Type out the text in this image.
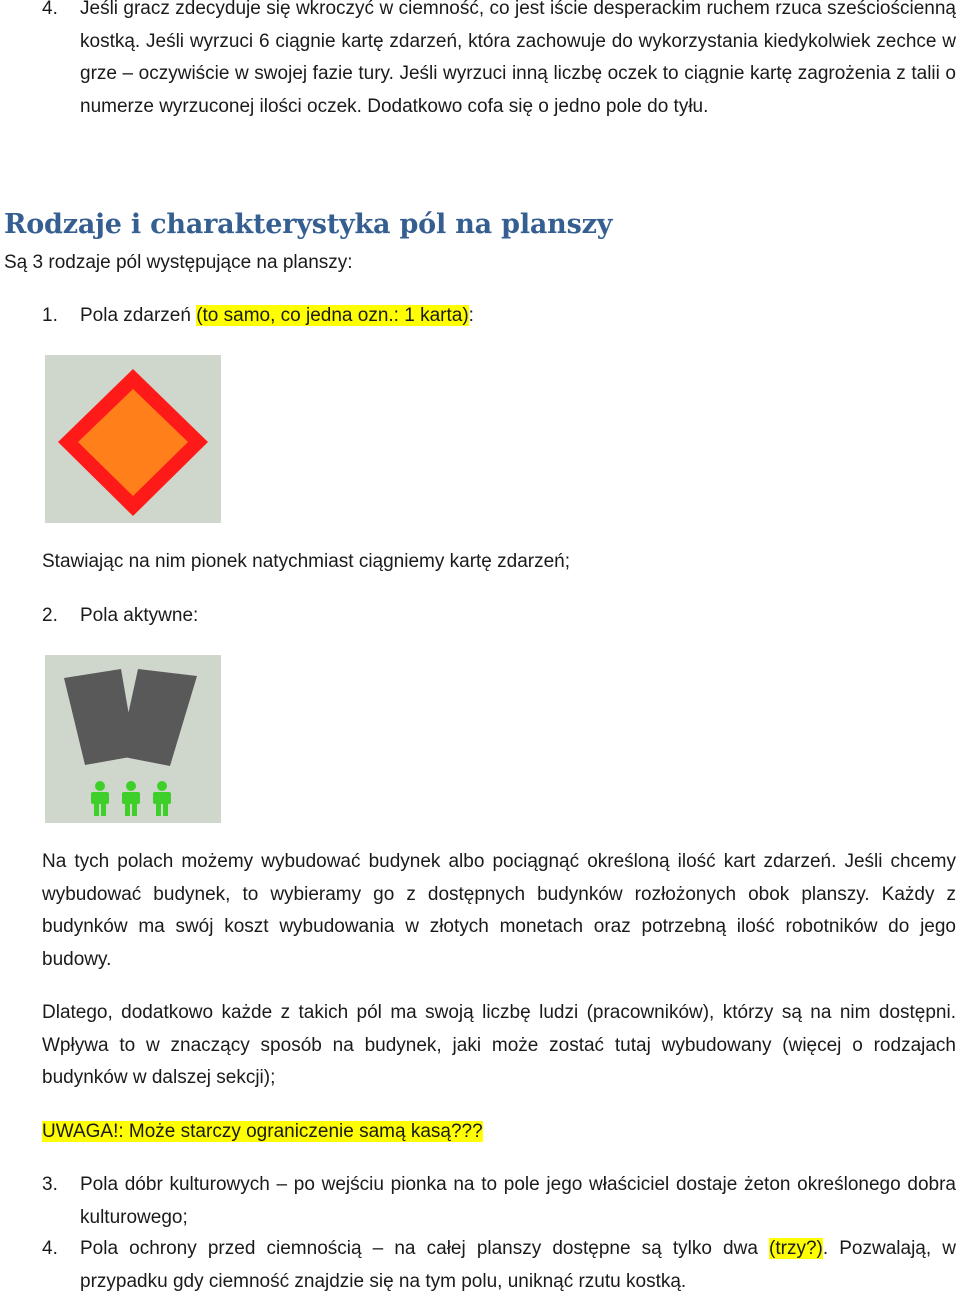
4. Jeśli gracz zdecyduje się wkroczyć w ciemność, co jest iście desperackim ruchem rzuca sześciościenną kostką. Jeśli wyrzuci 6 ciągnie kartę zdarzeń, która zachowuje do wykorzystania kiedykolwiek zechce w grze – oczywiście w swojej fazie tury. Jeśli wyrzuci inną liczbę oczek to ciągnie kartę zagrożenia z talii o numerze wyrzuconej ilości oczek. Dodatkowo cofa się o jedno pole do tyłu.
Rodzaje i charakterystyka pól na planszy
Są 3 rodzaje pól występujące na planszy:
1. Pola zdarzeń (to samo, co jedna ozn.: 1 karta):
Stawiając na nim pionek natychmiast ciągniemy kartę zdarzeń;
2. Pola aktywne:
Na tych polach możemy wybudować budynek albo pociągnąć określoną ilość kart zdarzeń. Jeśli chcemy wybudować budynek, to wybieramy go z dostępnych budynków rozłożonych obok planszy. Każdy z budynków ma swój koszt wybudowania w złotych monetach oraz potrzebną ilość robotników do jego budowy.
Dlatego, dodatkowo każde z takich pól ma swoją liczbę ludzi (pracowników), którzy są na nim dostępni. Wpływa to w znaczący sposób na budynek, jaki może zostać tutaj wybudowany (więcej o rodzajach budynków w dalszej sekcji);
UWAGA!: Może starczy ograniczenie samą kasą???
3. Pola dóbr kulturowych – po wejściu pionka na to pole jego właściciel dostaje żeton określonego dobra kulturowego;
4. Pola ochrony przed ciemnością – na całej planszy dostępne są tylko dwa (trzy?). Pozwalają, w przypadku gdy ciemność znajdzie się na tym polu, uniknąć rzutu kostką.
